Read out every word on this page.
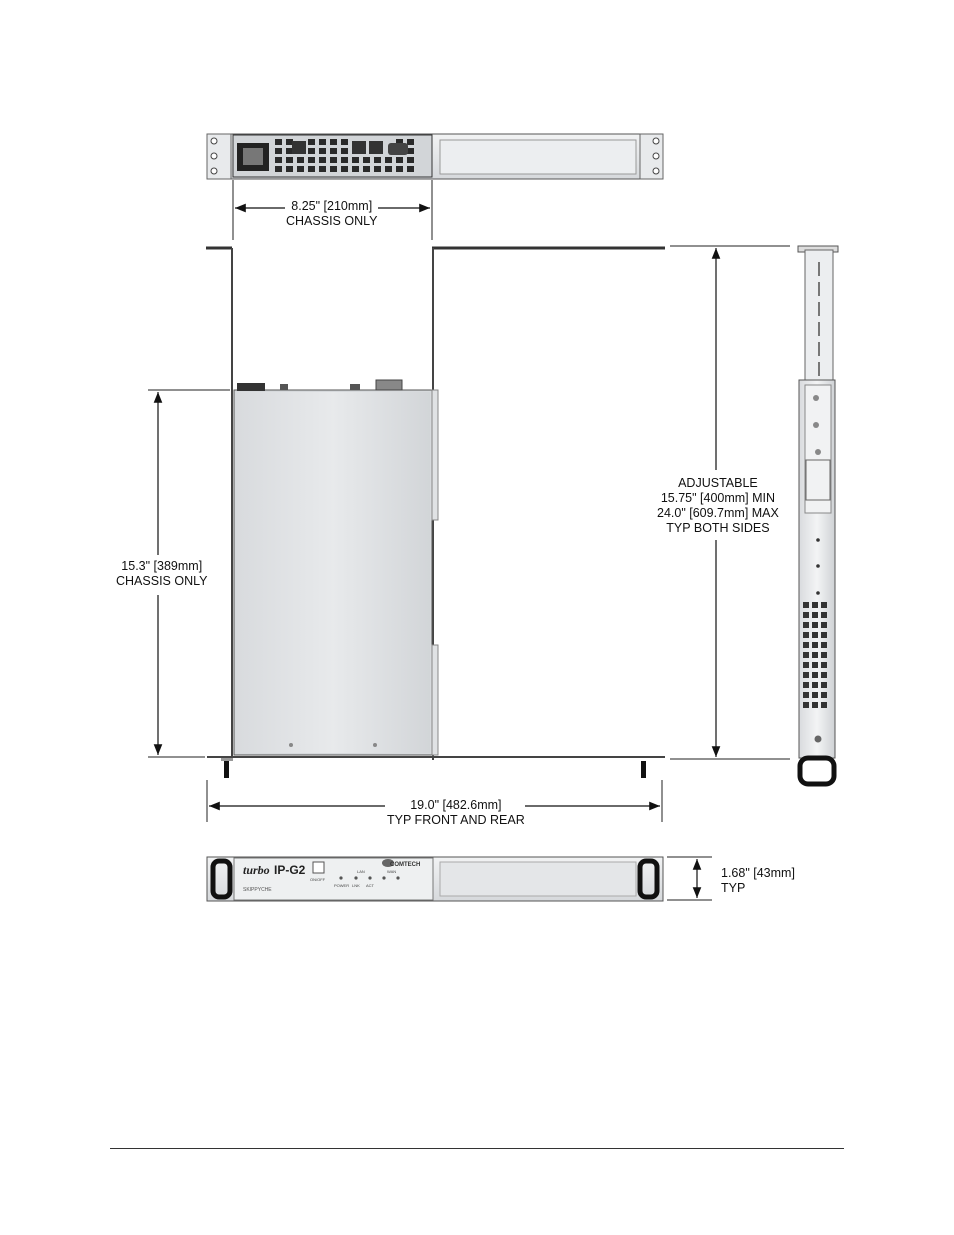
turbo IP-G2
SKIPPYCHE
ON/OFF
LAN	WAN
POWER LNK ACT
COMTECH
8.25" [210mm]
CHASSIS ONLY
15.3" [389mm]
CHASSIS ONLY
ADJUSTABLE
15.75" [400mm] MIN
24.0" [609.7mm] MAX
TYP BOTH SIDES
19.0" [482.6mm]
TYP FRONT AND REAR
1.68" [43mm]
TYP
